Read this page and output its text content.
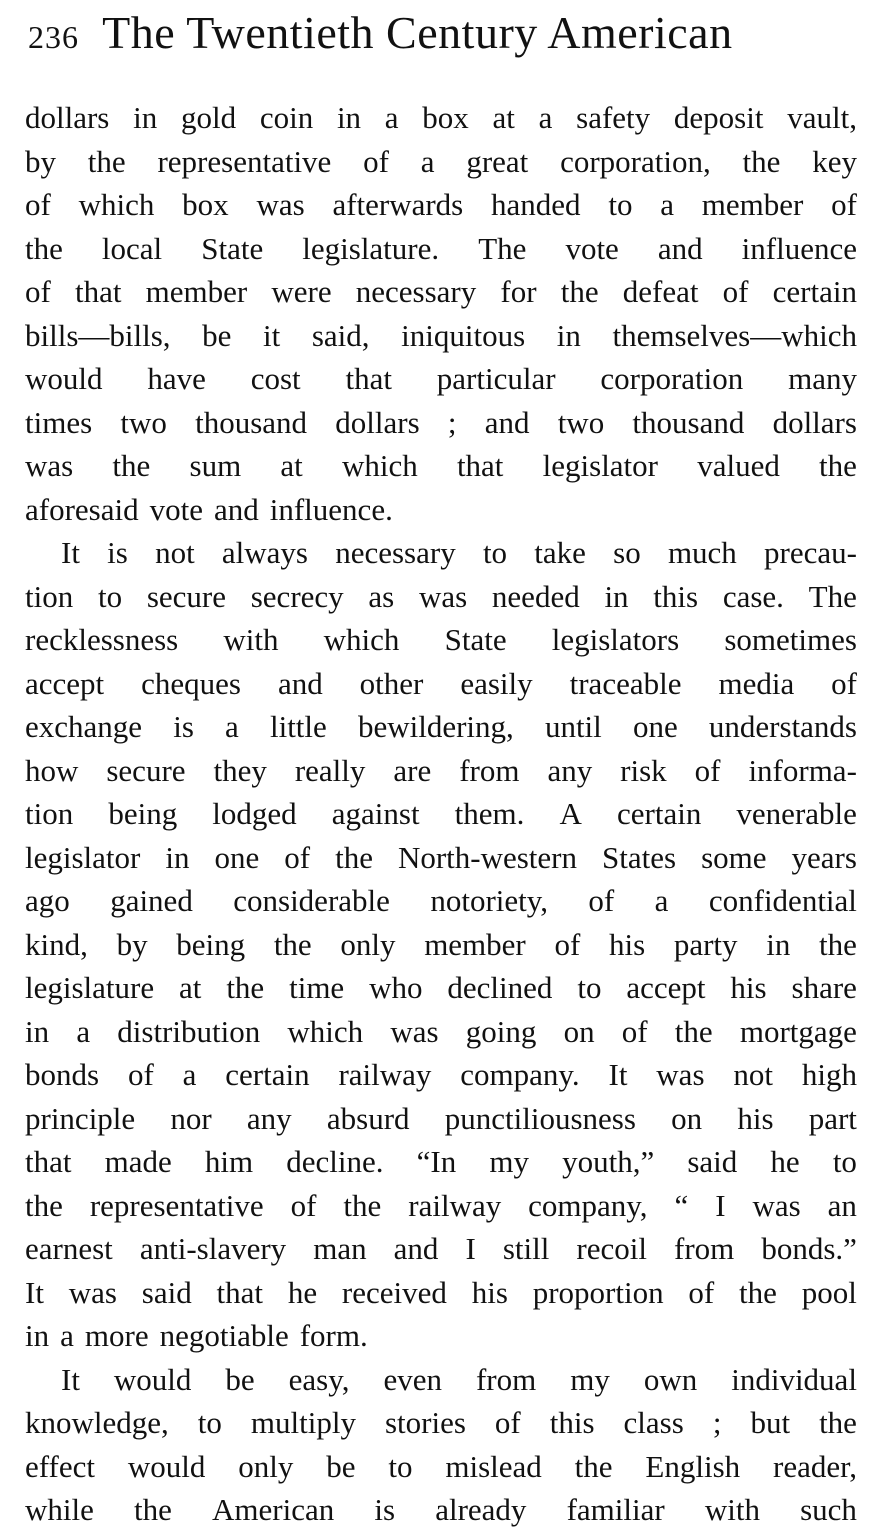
236 The Twentieth Century American
dollars in gold coin in a box at a safety deposit vault,
by the representative of a great corporation, the key
of which box was afterwards handed to a member of
the local State legislature. The vote and influence
of that member were necessary for the defeat of certain
bills—bills, be it said, iniquitous in themselves—which
would have cost that particular corporation many
times two thousand dollars ; and two thousand dollars
was the sum at which that legislator valued the
aforesaid vote and influence.
It is not always necessary to take so much precau-
tion to secure secrecy as was needed in this case. The
recklessness with which State legislators sometimes
accept cheques and other easily traceable media of
exchange is a little bewildering, until one understands
how secure they really are from any risk of informa-
tion being lodged against them. A certain venerable
legislator in one of the North-western States some years
ago gained considerable notoriety, of a confidential
kind, by being the only member of his party in the
legislature at the time who declined to accept his share
in a distribution which was going on of the mortgage
bonds of a certain railway company. It was not high
principle nor any absurd punctiliousness on his part
that made him decline. “In my youth,” said he to
the representative of the railway company, “ I was an
earnest anti-slavery man and I still recoil from bonds.”
It was said that he received his proportion of the pool
in a more negotiable form.
It would be easy, even from my own individual
knowledge, to multiply stories of this class ; but the
effect would only be to mislead the English reader,
while the American is already familiar with such
